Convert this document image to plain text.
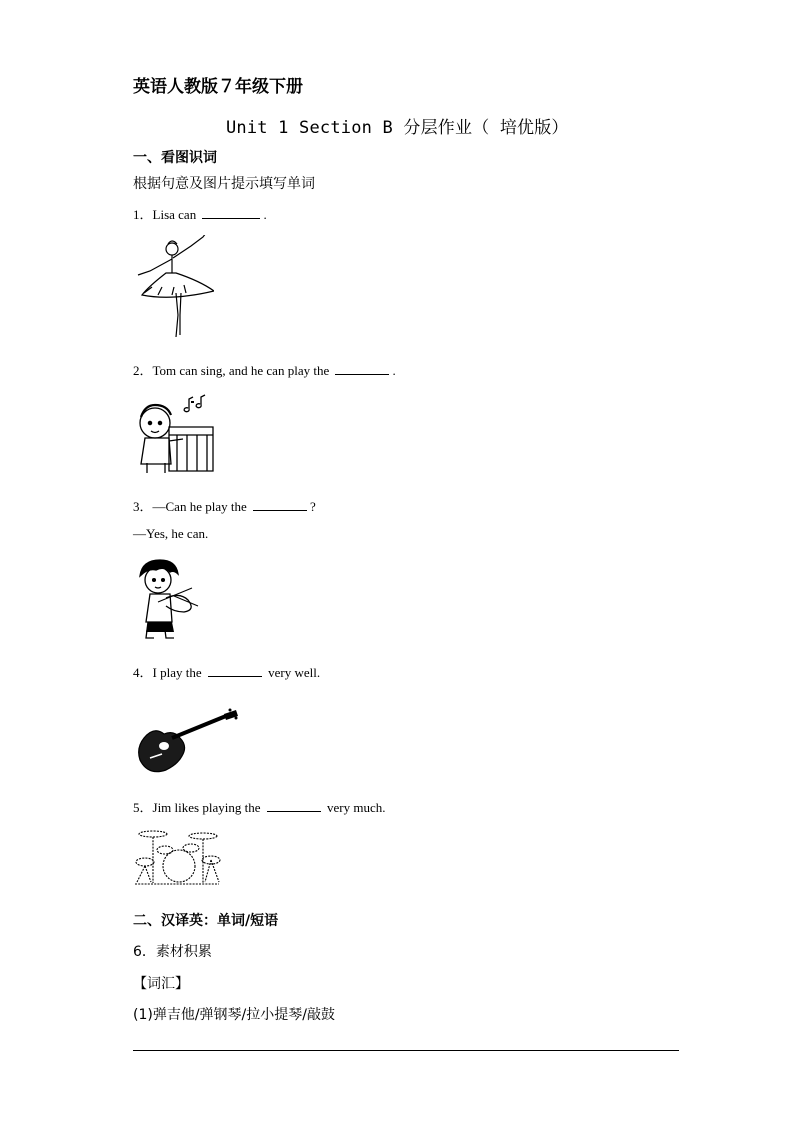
英语人教版７年级下册
Unit 1 Section B 分层作业（ 培优版）
一、看图识词
根据句意及图片提示填写单词
1．Lisa can	.
2．Tom can sing, and he can play the	.
3．—Can he play the	?
—Yes, he can.
4．I play the	very well.
5．Jim likes playing the	very much.
二、汉译英：单词/短语
6．素材积累
【词汇】
(1)弹吉他/弹钢琴/拉小提琴/敲鼓
